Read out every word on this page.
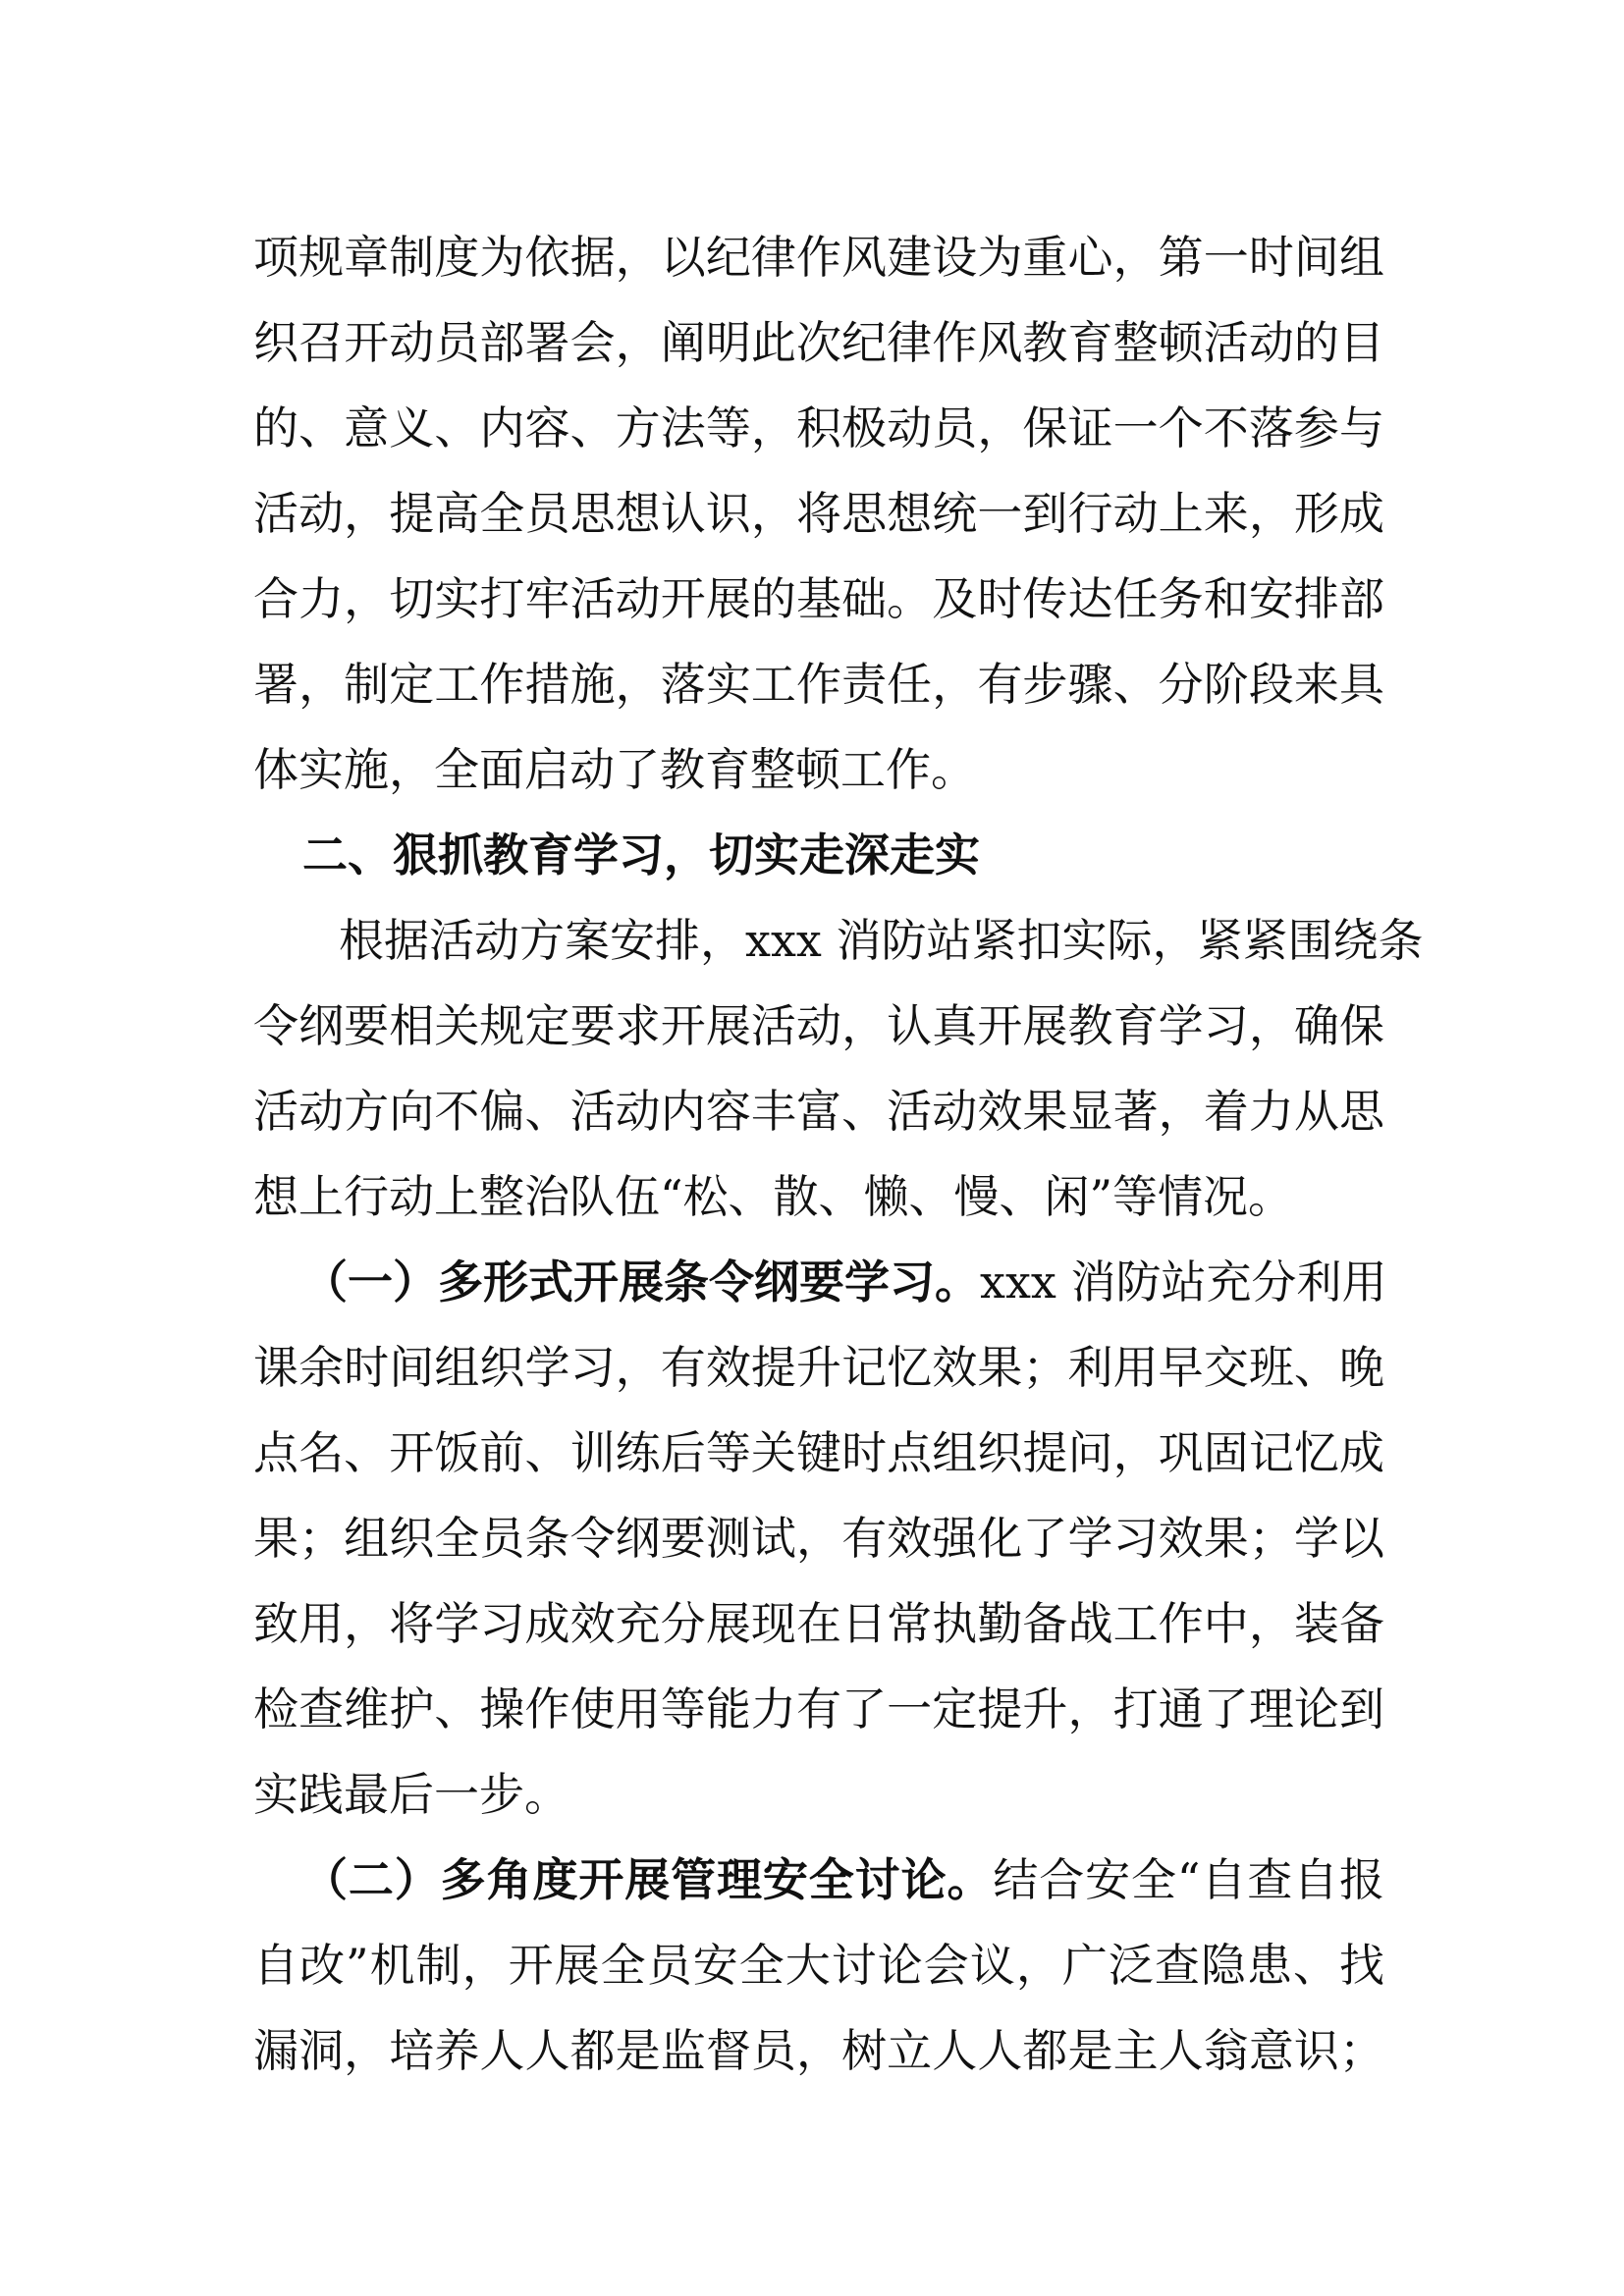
项规章制度为依据，以纪律作风建设为重心，第一时间组
织召开动员部署会，阐明此次纪律作风教育整顿活动的目
的、意义、内容、方法等，积极动员，保证一个不落参与
活动，提高全员思想认识，将思想统一到行动上来，形成
合力，切实打牢活动开展的基础。及时传达任务和安排部
署，制定工作措施，落实工作责任，有步骤、分阶段来具
体实施，全面启动了教育整顿工作。
二、狠抓教育学习，切实走深走实
根据活动方案安排，xxx 消防站紧扣实际，紧紧围绕条
令纲要相关规定要求开展活动，认真开展教育学习，确保
活动方向不偏、活动内容丰富、活动效果显著，着力从思
想上行动上整治队伍“松、散、懒、慢、闲”等情况。
（一）多形式开展条令纲要学习。xxx 消防站充分利用
课余时间组织学习，有效提升记忆效果；利用早交班、晚
点名、开饭前、训练后等关键时点组织提问，巩固记忆成
果；组织全员条令纲要测试，有效强化了学习效果；学以
致用，将学习成效充分展现在日常执勤备战工作中，装备
检查维护、操作使用等能力有了一定提升，打通了理论到
实践最后一步。
（二）多角度开展管理安全讨论。结合安全“自查自报
自改”机制，开展全员安全大讨论会议，广泛查隐患、找
漏洞，培养人人都是监督员，树立人人都是主人翁意识；
